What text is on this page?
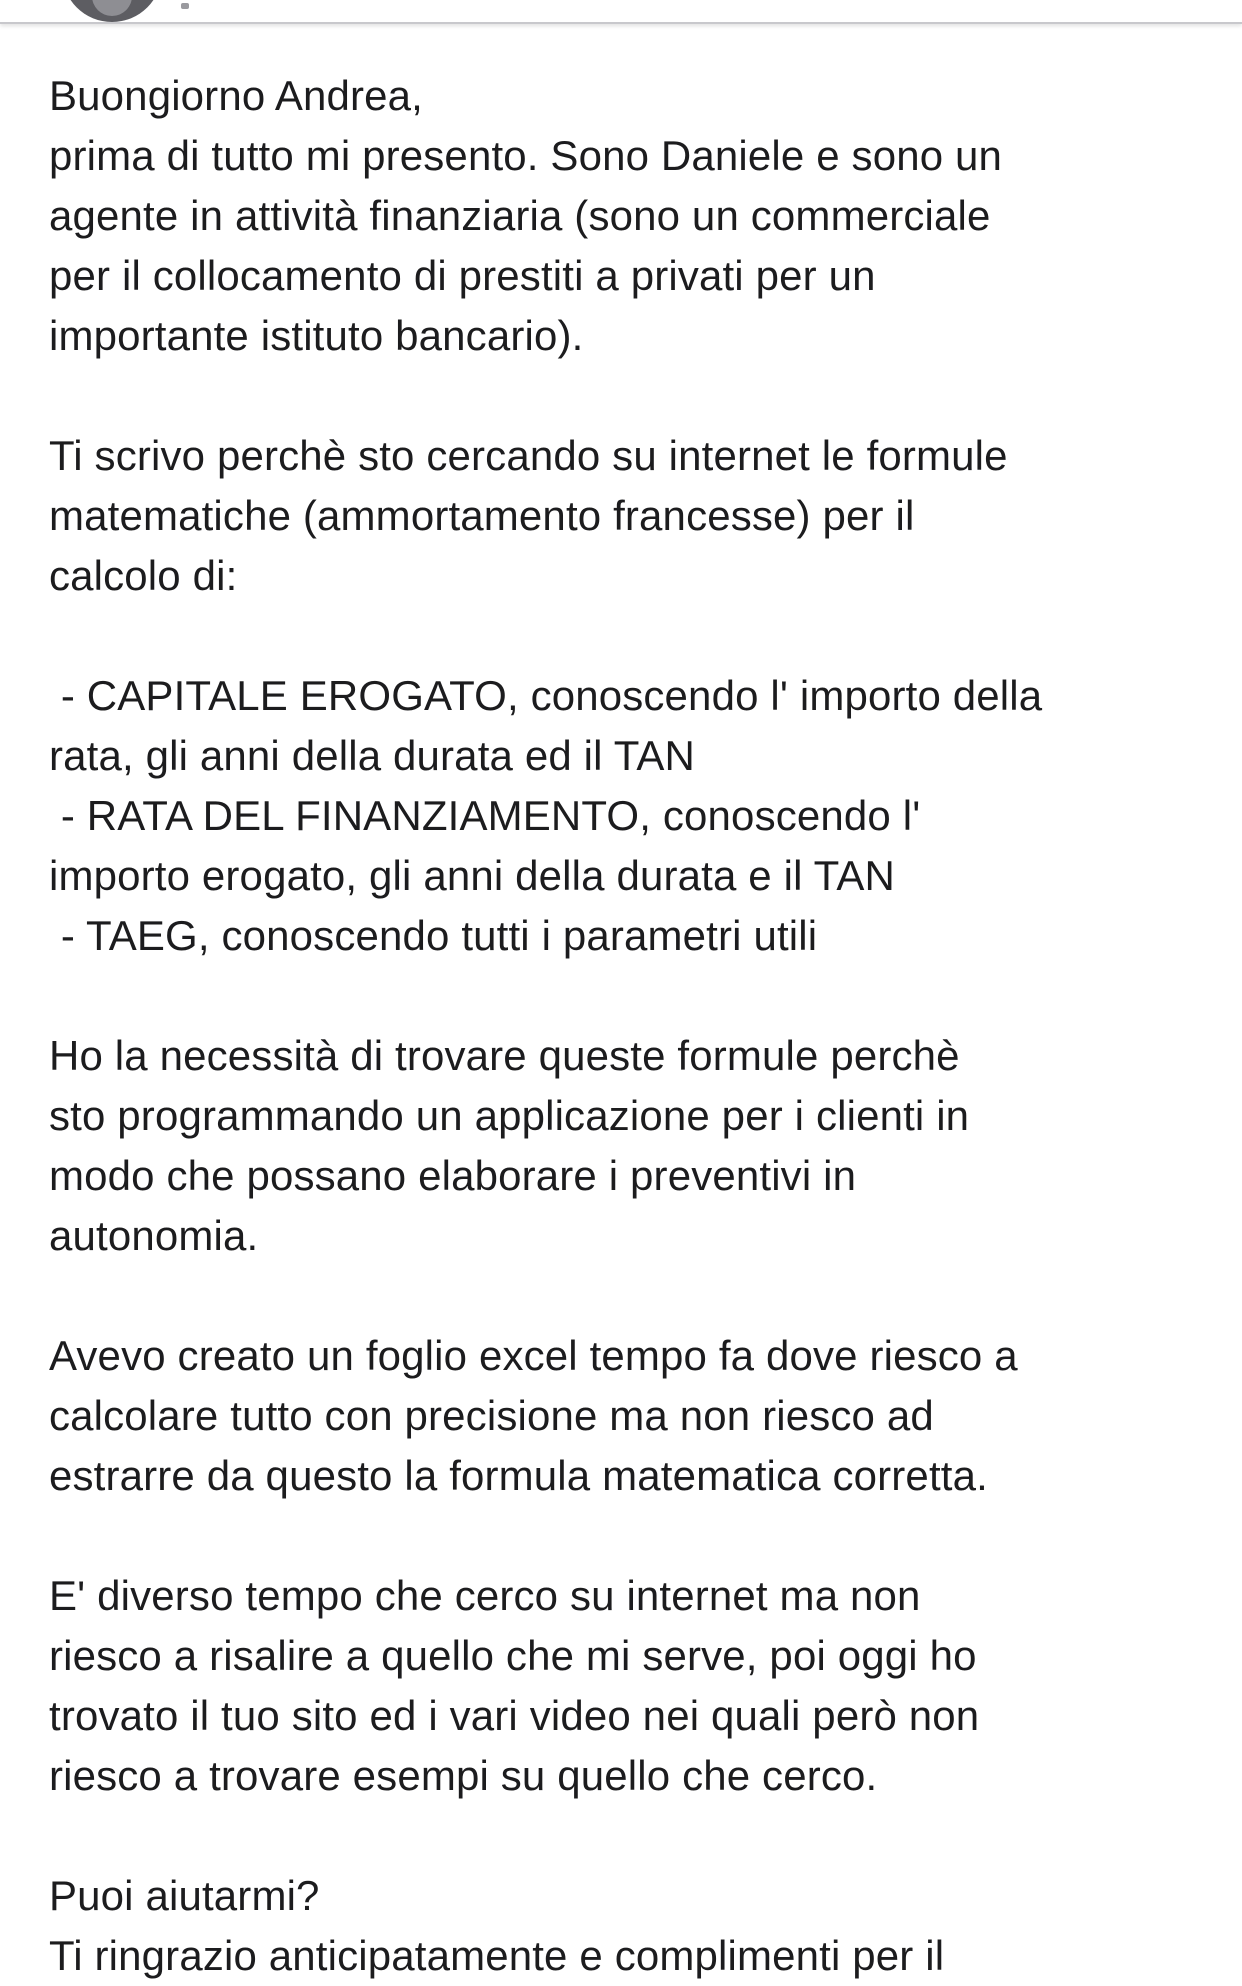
Buongiorno Andrea,
prima di tutto mi presento. Sono Daniele e sono un
agente in attività finanziaria (sono un commerciale
per il collocamento di prestiti a privati per un
importante istituto bancario).

Ti scrivo perchè sto cercando su internet le formule
matematiche (ammortamento francesse) per il
calcolo di:

- CAPITALE EROGATO, conoscendo l' importo della
rata, gli anni della durata ed il TAN
- RATA DEL FINANZIAMENTO, conoscendo l'
importo erogato, gli anni della durata e il TAN
- TAEG, conoscendo tutti i parametri utili

Ho la necessità di trovare queste formule perchè
sto programmando un applicazione per i clienti in
modo che possano elaborare i preventivi in
autonomia.

Avevo creato un foglio excel tempo fa dove riesco a
calcolare tutto con precisione ma non riesco ad
estrarre da questo la formula matematica corretta.

E' diverso tempo che cerco su internet ma non
riesco a risalire a quello che mi serve, poi oggi ho
trovato il tuo sito ed i vari video nei quali però non
riesco a trovare esempi su quello che cerco.

Puoi aiutarmi?
Ti ringrazio anticipatamente e complimenti per il
